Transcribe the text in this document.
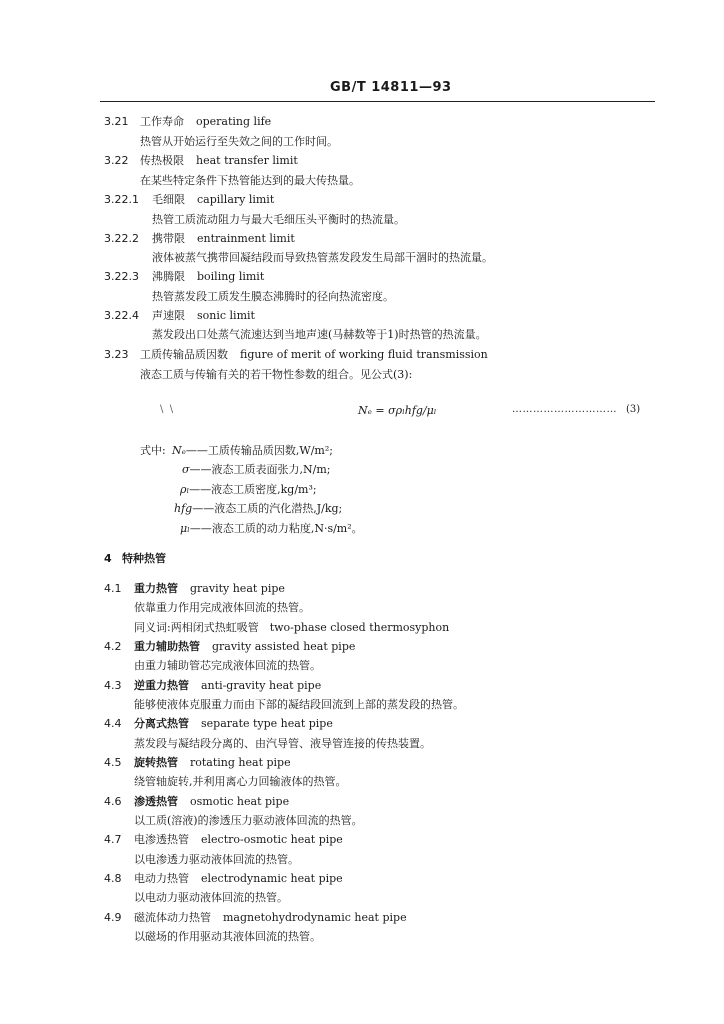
GB/T 14811—93
3.21 工作寿命 operating life
热管从开始运行至失效之间的工作时间。
3.22 传热极限 heat transfer limit
在某些特定条件下热管能达到的最大传热量。
3.22.1 毛细限 capillary limit
热管工质流动阻力与最大毛细压头平衡时的热流量。
3.22.2 携带限 entrainment limit
液体被蒸气携带回凝结段而导致热管蒸发段发生局部干涸时的热流量。
3.22.3 沸腾限 boiling limit
热管蒸发段工质发生膜态沸腾时的径向热流密度。
3.22.4 声速限 sonic limit
蒸发段出口处蒸气流速达到当地声速(马赫数等于1)时热管的热流量。
3.23 工质传输品质因数 figure of merit of working fluid transmission
液态工质与传输有关的若干物性参数的组合。见公式(3):
\  \	Nₑ = σρₗhfg/μₗ	………………………… (3)
式中: Nₑ——工质传输品质因数,W/m²;
σ——液态工质表面张力,N/m;
ρₗ——液态工质密度,kg/m³;
hfg——液态工质的汽化潜热,J/kg;
μₗ——液态工质的动力粘度,N·s/m²。
4 特种热管
4.1 重力热管 gravity heat pipe
依靠重力作用完成液体回流的热管。
同义词:两相闭式热虹吸管　two-phase closed thermosyphon
4.2 重力辅助热管 gravity assisted heat pipe
由重力辅助管芯完成液体回流的热管。
4.3 逆重力热管 anti-gravity heat pipe
能够使液体克服重力而由下部的凝结段回流到上部的蒸发段的热管。
4.4 分离式热管 separate type heat pipe
蒸发段与凝结段分离的、由汽导管、液导管连接的传热装置。
4.5 旋转热管 rotating heat pipe
绕管轴旋转,并利用离心力回输液体的热管。
4.6 渗透热管 osmotic heat pipe
以工质(溶液)的渗透压力驱动液体回流的热管。
4.7 电渗透热管 electro-osmotic heat pipe
以电渗透力驱动液体回流的热管。
4.8 电动力热管 electrodynamic heat pipe
以电动力驱动液体回流的热管。
4.9 磁流体动力热管 magnetohydrodynamic heat pipe
以磁场的作用驱动其液体回流的热管。
